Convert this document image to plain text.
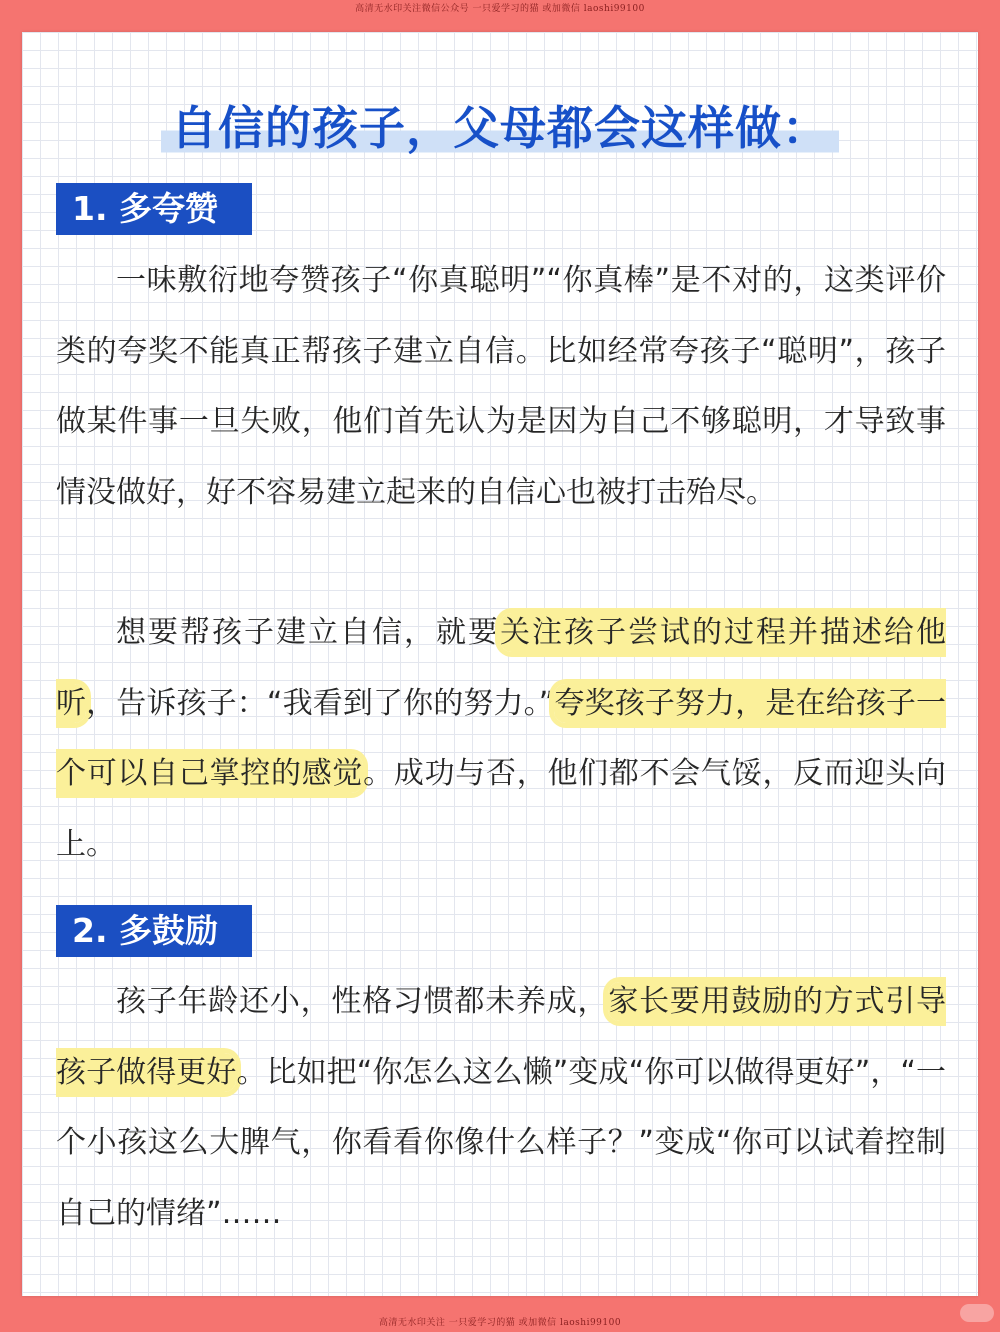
高清无水印关注微信公众号 一只爱学习的猫 或加微信 laoshi99100
自信的孩子，父母都会这样做：
1. 多夸赞

一味敷衍地夸赞孩子“你真聪明”“你真棒”是不对的，这类评价类的夸奖不能真正帮孩子建立自信。比如经常夸孩子“聪明”，孩子做某件事一旦失败，他们首先认为是因为自己不够聪明，才导致事情没做好，好不容易建立起来的自信心也被打击殆尽。

想要帮孩子建立自信，就要关注孩子尝试的过程并描述给他听，告诉孩子：“我看到了你的努力。”夸奖孩子努力，是在给孩子一个可以自己掌控的感觉。成功与否，他们都不会气馁，反而迎头向上。

2. 多鼓励

孩子年龄还小，性格习惯都未养成，家长要用鼓励的方式引导孩子做得更好。比如把“你怎么这么懒”变成“你可以做得更好”，“一个小孩这么大脾气，你看看你像什么样子？”变成“你可以试着控制自己的情绪”……

高清无水印关注 一只爱学习的猫 或加微信 laoshi99100
